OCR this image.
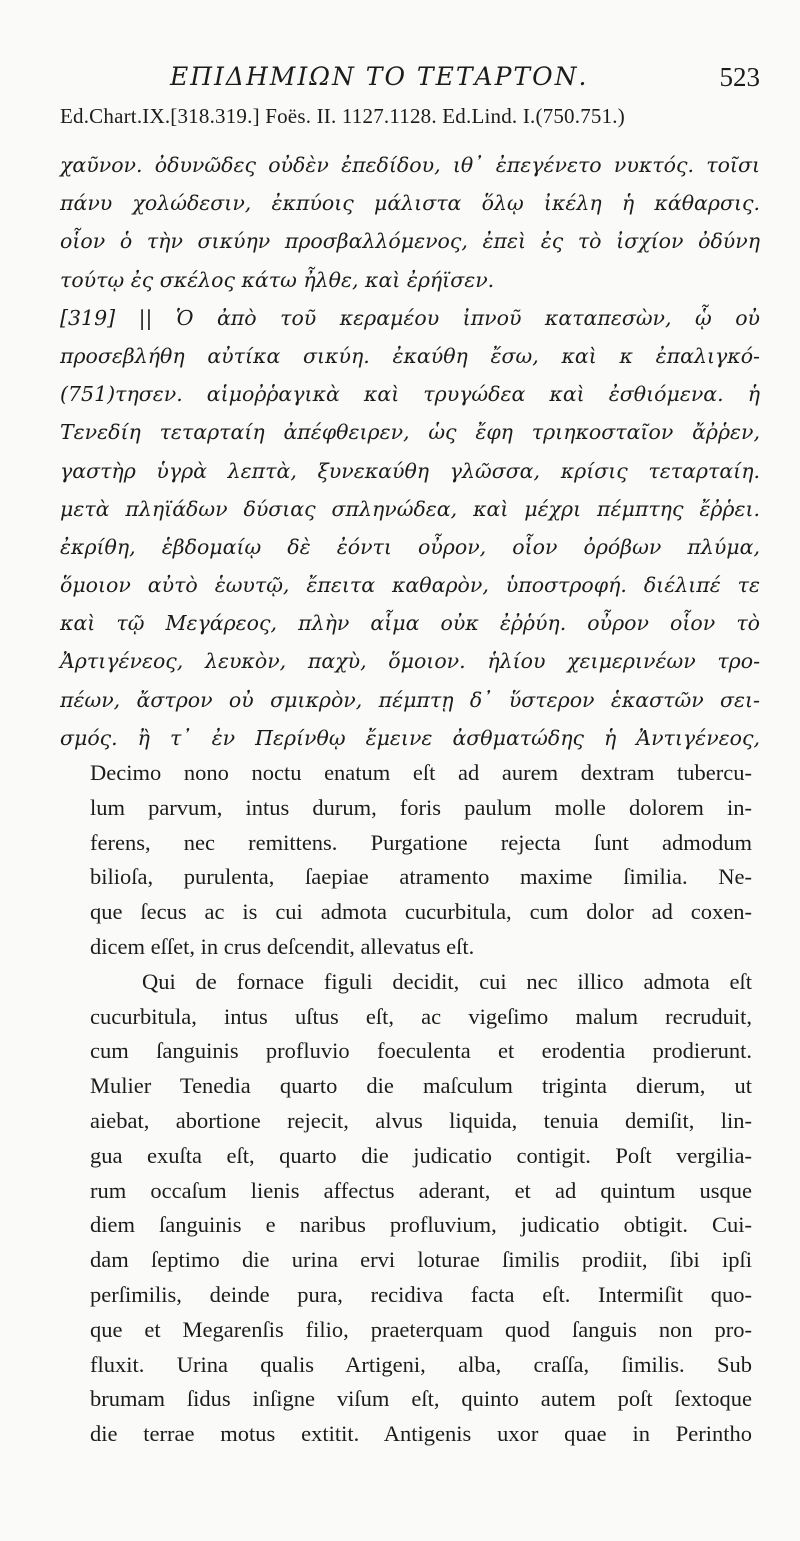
ΕΠΙΔΗΜΙΩΝ ΤΟ ΤΕΤΑΡΤΟΝ.	523
Ed.Chart.IX.[318.319.] Foës. II. 1127.1128. Ed.Lind. I.(750.751.)
χαῦνον. ὀδυνῶδες οὐδὲν ἐπεδίδου, ιθ᾽ ἐπεγένετο νυκτός. τοῖσι
πάνυ χολώδεσιν, ἐκπύοις μάλιστα ὅλῳ ἰκέλη ἡ κάθαρσις.
οἷον ὁ τὴν σικύην προσβαλλόμενος, ἐπεὶ ἐς τὸ ἰσχίον ὀδύνη
τούτῳ ἐς σκέλος κάτω ἦλθε, καὶ ἐρήϊσεν.
[319] || Ὁ ἀπὸ τοῦ κεραμέου ἰπνοῦ καταπεσὼν, ᾧ οὐ
προσεβλήθη αὐτίκα σικύη. ἐκαύθη ἔσω, καὶ κ ἐπαλιγκό-
(751)τησεν. αἱμοῤῥαγικὰ καὶ τρυγώδεα καὶ ἐσθιόμενα. ἡ
Τενεδίη τεταρταίη ἀπέφθειρεν, ὡς ἔφη τριηκοσταῖον ἄῤῥεν,
γαστὴρ ὑγρὰ λεπτὰ, ξυνεκαύθη γλῶσσα, κρίσις τεταρταίη.
μετὰ πληϊάδων δύσιας σπληνώδεα, καὶ μέχρι πέμπτης ἔῤῥει.
ἐκρίθη, ἑβδομαίῳ δὲ ἐόντι οὖρον, οἷον ὀρόβων πλύμα,
ὅμοιον αὐτὸ ἑωυτῷ, ἔπειτα καθαρὸν, ὑποστροφή. διέλιπέ τε
καὶ τῷ Μεγάρεος, πλὴν αἷμα οὐκ ἐῤῥύη. οὖρον οἷον τὸ
Ἀρτιγένεος, λευκὸν, παχὺ, ὅμοιον. ἡλίου χειμερινέων τρο-
πέων, ἄστρον οὐ σμικρὸν, πέμπτῃ δ᾽ ὕστερον ἑκαστῶν σει-
σμός. ἢ τ᾽ ἐν Περίνθῳ ἔμεινε ἀσθματώδης ἡ Ἀντιγένεος,
Decimo nono noctu enatum eſt ad aurem dextram tubercu-
lum parvum, intus durum, foris paulum molle dolorem in-
ferens, nec remittens. Purgatione rejecta ſunt admodum
bilioſa, purulenta, ſaepiae atramento maxime ſimilia. Ne-
que ſecus ac is cui admota cucurbitula, cum dolor ad coxen-
dicem eſſet, in crus deſcendit, allevatus eſt.
Qui de fornace figuli decidit, cui nec illico admota eſt
cucurbitula, intus uſtus eſt, ac vigeſimo malum recruduit,
cum ſanguinis profluvio foeculenta et erodentia prodierunt.
Mulier Tenedia quarto die maſculum triginta dierum, ut
aiebat, abortione rejecit, alvus liquida, tenuia demiſit, lin-
gua exuſta eſt, quarto die judicatio contigit. Poſt vergilia-
rum occaſum lienis affectus aderant, et ad quintum usque
diem ſanguinis e naribus profluvium, judicatio obtigit. Cui-
dam ſeptimo die urina ervi loturae ſimilis prodiit, ſibi ipſi
perſimilis, deinde pura, recidiva facta eſt. Intermiſit quo-
que et Megarenſis filio, praeterquam quod ſanguis non pro-
fluxit. Urina qualis Artigeni, alba, craſſa, ſimilis. Sub
brumam ſidus inſigne viſum eſt, quinto autem poſt ſextoque
die terrae motus extitit. Antigenis uxor quae in Perintho
